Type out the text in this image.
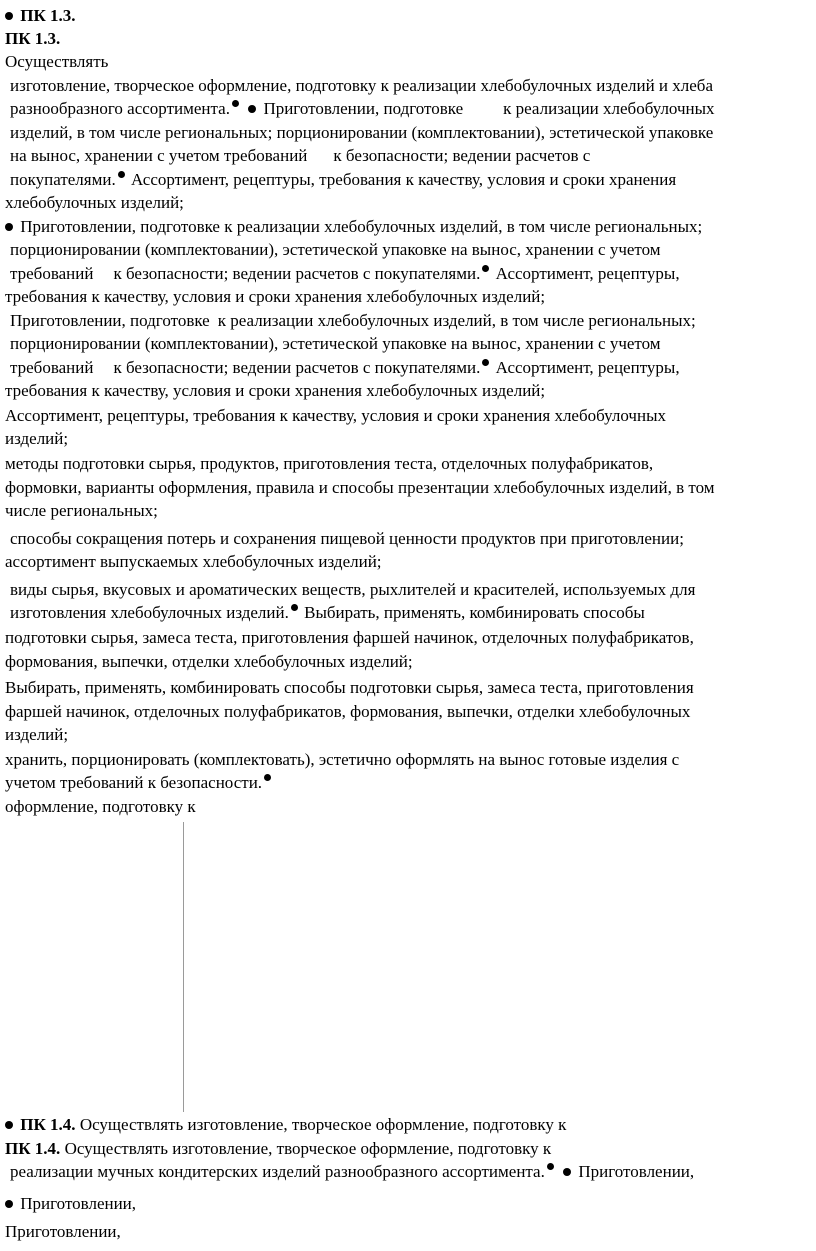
ПК 1.3.
ПК 1.3.
Осуществлять
изготовление, творческое оформление, подготовку к реализации хлебобулочных изделий и хлеба
разнообразного ассортимента. Приготовлении, подготовке к реализации хлебобулочных
изделий, в том числе региональных; порционировании (комплектовании), эстетической упаковке
на вынос, хранении с учетом требований к безопасности; ведении расчетов с
покупателями. Ассортимент, рецептуры, требования к качеству, условия и сроки хранения
хлебобулочных изделий;
Приготовлении, подготовке к реализации хлебобулочных изделий, в том числе региональных;
порционировании (комплектовании), эстетической упаковке на вынос, хранении с учетом
требований к безопасности; ведении расчетов с покупателями. Ассортимент, рецептуры,
требования к качеству, условия и сроки хранения хлебобулочных изделий;
Приготовлении, подготовке к реализации хлебобулочных изделий, в том числе региональных;
порционировании (комплектовании), эстетической упаковке на вынос, хранении с учетом
требований к безопасности; ведении расчетов с покупателями. Ассортимент, рецептуры,
требования к качеству, условия и сроки хранения хлебобулочных изделий;
Ассортимент, рецептуры, требования к качеству, условия и сроки хранения хлебобулочных
изделий;
методы подготовки сырья, продуктов, приготовления теста, отделочных полуфабрикатов,
формовки, варианты оформления, правила и способы презентации хлебобулочных изделий, в том
числе региональных;
способы сокращения потерь и сохранения пищевой ценности продуктов при приготовлении;
ассортимент выпускаемых хлебобулочных изделий;
виды сырья, вкусовых и ароматических веществ, рыхлителей и красителей, используемых для
изготовления хлебобулочных изделий. Выбирать, применять, комбинировать способы
подготовки сырья, замеса теста, приготовления фаршей начинок, отделочных полуфабрикатов,
формования, выпечки, отделки хлебобулочных изделий;
Выбирать, применять, комбинировать способы подготовки сырья, замеса теста, приготовления
фаршей начинок, отделочных полуфабрикатов, формования, выпечки, отделки хлебобулочных
изделий;
хранить, порционировать (комплектовать), эстетично оформлять на вынос готовые изделия с
учетом требований к безопасности.
оформление, подготовку к
ПК 1.4. Осуществлять изготовление, творческое оформление, подготовку к
ПК 1.4. Осуществлять изготовление, творческое оформление, подготовку к
реализации мучных кондитерских изделий разнообразного ассортимента. Приготовлении,
Приготовлении,
Приготовлении,
